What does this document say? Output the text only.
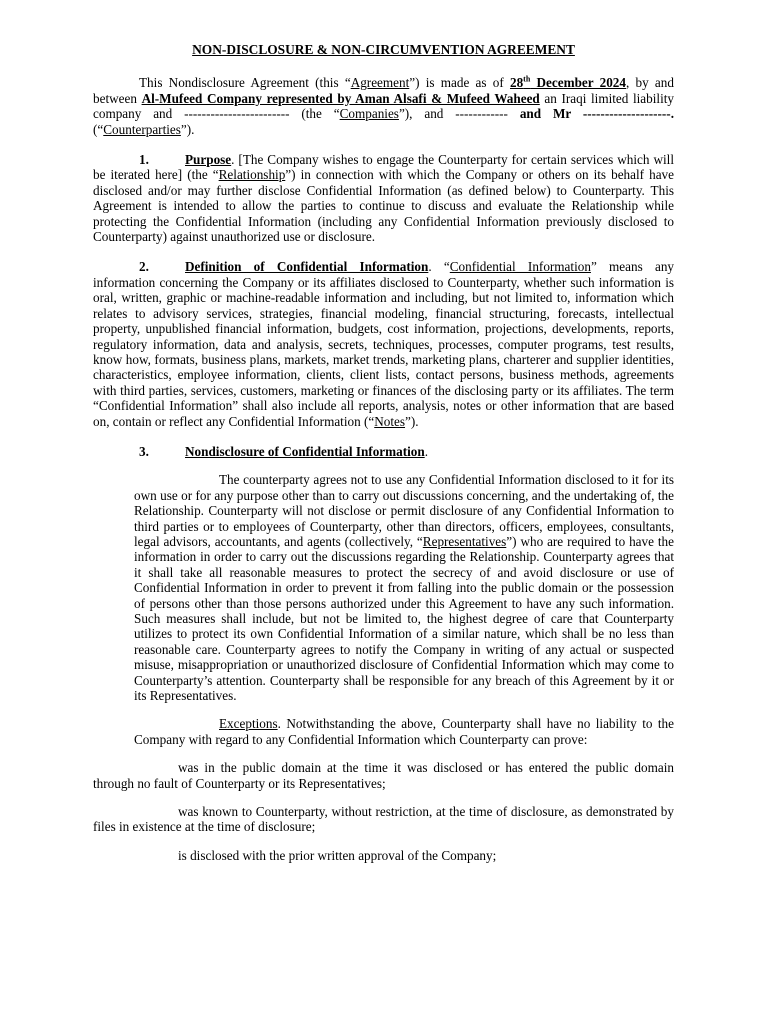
NON-DISCLOSURE & NON-CIRCUMVENTION AGREEMENT

This Nondisclosure Agreement (this “Agreement”) is made as of 28th December 2024, by and between Al-Mufeed Company represented by Aman Alsafi & Mufeed Waheed an Iraqi limited liability company and ------------------------ (the “Companies”), and ------------ and Mr --------------------. (“Counterparties”).

1.	Purpose. [The Company wishes to engage the Counterparty for certain services which will be iterated here] (the “Relationship”) in connection with which the Company or others on its behalf have disclosed and/or may further disclose Confidential Information (as defined below) to Counterparty. This Agreement is intended to allow the parties to continue to discuss and evaluate the Relationship while protecting the Confidential Information (including any Confidential Information previously disclosed to Counterparty) against unauthorized use or disclosure.

2.	Definition of Confidential Information. “Confidential Information” means any information concerning the Company or its affiliates disclosed to Counterparty, whether such information is oral, written, graphic or machine-readable information and including, but not limited to, information which relates to advisory services, strategies, financial modeling, financial structuring, forecasts, intellectual property, unpublished financial information, budgets, cost information, projections, developments, reports, regulatory information, data and analysis, secrets, techniques, processes, computer programs, test results, know how, formats, business plans, markets, market trends, marketing plans, charterer and supplier identities, characteristics, employee information, clients, client lists, contact persons, business methods, agreements with third parties, services, customers, marketing or finances of the disclosing party or its affiliates. The term “Confidential Information” shall also include all reports, analysis, notes or other information that are based on, contain or reflect any Confidential Information (“Notes”).

3.	Nondisclosure of Confidential Information.

The counterparty agrees not to use any Confidential Information disclosed to it for its own use or for any purpose other than to carry out discussions concerning, and the undertaking of, the Relationship. Counterparty will not disclose or permit disclosure of any Confidential Information to third parties or to employees of Counterparty, other than directors, officers, employees, consultants, legal advisors, accountants, and agents (collectively, “Representatives”) who are required to have the information in order to carry out the discussions regarding the Relationship. Counterparty agrees that it shall take all reasonable measures to protect the secrecy of and avoid disclosure or use of Confidential Information in order to prevent it from falling into the public domain or the possession of persons other than those persons authorized under this Agreement to have any such information. Such measures shall include, but not be limited to, the highest degree of care that Counterparty utilizes to protect its own Confidential Information of a similar nature, which shall be no less than reasonable care. Counterparty agrees to notify the Company in writing of any actual or suspected misuse, misappropriation or unauthorized disclosure of Confidential Information which may come to Counterparty’s attention. Counterparty shall be responsible for any breach of this Agreement by it or its Representatives.

Exceptions. Notwithstanding the above, Counterparty shall have no liability to the Company with regard to any Confidential Information which Counterparty can prove:

was in the public domain at the time it was disclosed or has entered the public domain through no fault of Counterparty or its Representatives;

was known to Counterparty, without restriction, at the time of disclosure, as demonstrated by files in existence at the time of disclosure;

is disclosed with the prior written approval of the Company;
